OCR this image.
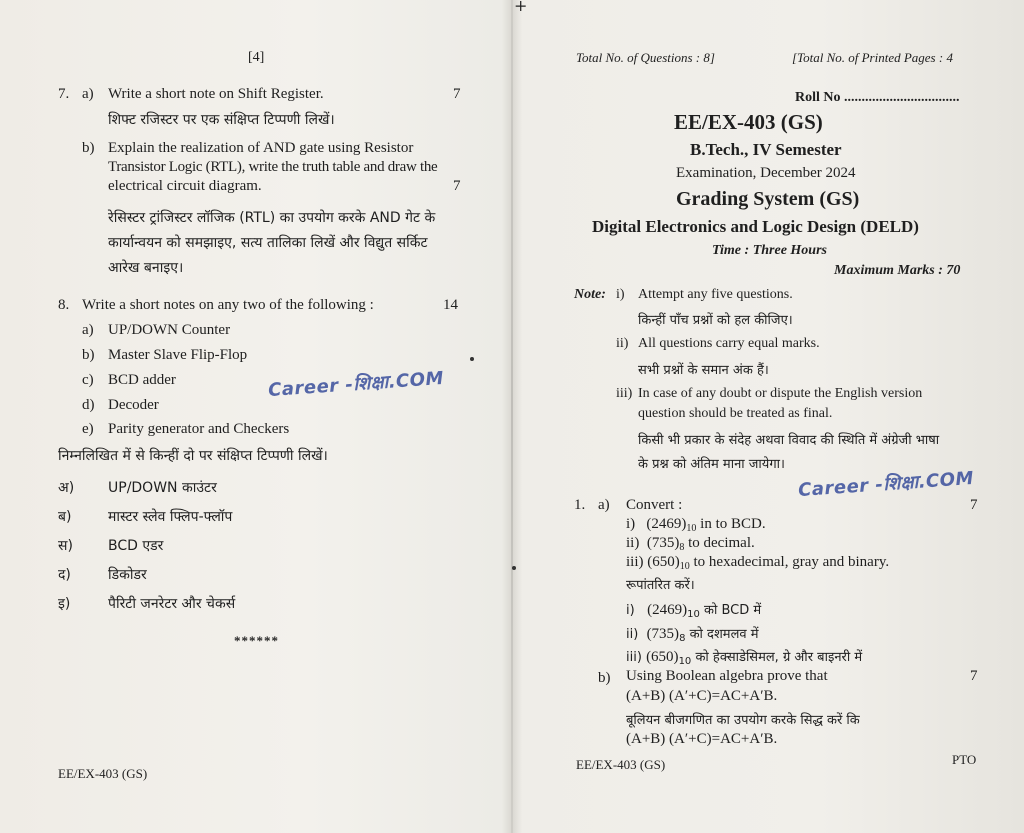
+
[4]
7. a) Write a short note on Shift Register.	7
शिफ्ट रजिस्टर पर एक संक्षिप्त टिप्पणी लिखें।
b) Explain the realization of AND gate using Resistor
Transistor Logic (RTL), write the truth table and draw the
electrical circuit diagram.	7
रेसिस्टर ट्रांजिस्टर लॉजिक (RTL) का उपयोग करके AND गेट के
कार्यान्वयन को समझाइए, सत्य तालिका लिखें और विद्युत सर्किट
आरेख बनाइए।
8. Write a short notes on any two of the following :	14
a) UP/DOWN Counter
b) Master Slave Flip-Flop
c) BCD adder
d) Decoder
e) Parity generator and Checkers
निम्नलिखित में से किन्हीं दो पर संक्षिप्त टिप्पणी लिखें।
अ) UP/DOWN काउंटर
ब)	मास्टर स्लेव फ्लिप-फ्लॉप
स)	BCD एडर
द)	डिकोडर
इ)	पैरिटी जनरेटर और चेकर्स
******
EE/EX-403 (GS)
Career -शिक्षा.COM
Total No. of Questions : 8]	[Total No. of Printed Pages : 4
Roll No .................................
EE/EX-403 (GS)
B.Tech., IV Semester
Examination, December 2024
Grading System (GS)
Digital Electronics and Logic Design (DELD)
Time : Three Hours
Maximum Marks : 70
Note: i) Attempt any five questions.
किन्हीं पाँच प्रश्नों को हल कीजिए।
ii) All questions carry equal marks.
सभी प्रश्नों के समान अंक हैं।
iii) In case of any doubt or dispute the English version
question should be treated as final.
किसी भी प्रकार के संदेह अथवा विवाद की स्थिति में अंग्रेजी भाषा
के प्रश्न को अंतिम माना जायेगा।
1. a) Convert :	7
i) $(2469)_{10}$ in to BCD.
ii) $(735)_8$ to decimal.
iii) $(650)_{10}$ to hexadecimal, gray and binary.
रूपांतरित करें।
i) $(2469)_{10}$ को BCD में
ii) $(735)_8$ को दशमलव में
iii) $(650)_{10}$ को हेक्साडेसिमल, ग्रे और बाइनरी में
b) Using Boolean algebra prove that	7
(A+B) (A′+C)=AC+A′B.
बूलियन बीजगणित का उपयोग करके सिद्ध करें कि
(A+B) (A′+C)=AC+A′B.
EE/EX-403 (GS)	PTO
Career -शिक्षा.COM
